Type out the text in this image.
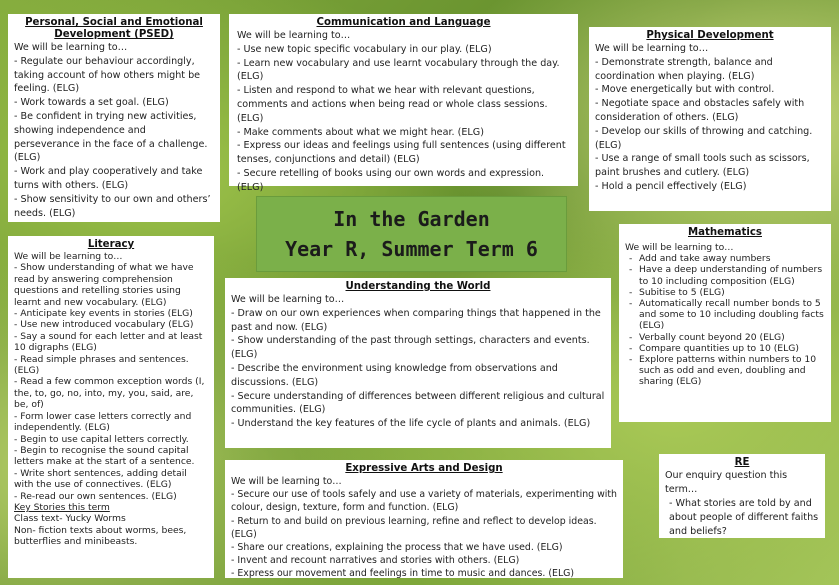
Personal, Social and Emotional Development (PSED)

We will be learning to…

- Regulate our behaviour accordingly, taking account of how others might be feeling. (ELG)
- Work towards a set goal. (ELG)
- Be confident in trying new activities, showing independence and perseverance in the face of a challenge. (ELG)
- Work and play cooperatively and take turns with others. (ELG)
- Show sensitivity to our own and others’ needs. (ELG)
Communication and Language

We will be learning to…

- Use new topic specific vocabulary in our play. (ELG)
- Learn new vocabulary and use learnt vocabulary through the day. (ELG)
- Listen and respond to what we hear with relevant questions, comments and actions when being read or whole class sessions. (ELG)
- Make comments about what we might hear. (ELG)
- Express our ideas and feelings using full sentences (using different tenses, conjunctions and detail) (ELG)
- Secure retelling of books using our own words and expression. (ELG)
Physical Development

We will be learning to…

- Demonstrate strength, balance and coordination when playing. (ELG)
- Move energetically but with control.
- Negotiate space and obstacles safely with consideration of others. (ELG)
- Develop our skills of throwing and catching. (ELG)
- Use a range of small tools such as scissors, paint brushes and cutlery. (ELG)
- Hold a pencil effectively (ELG)
In the Garden
Year R, Summer Term 6
Literacy

We will be learning to…

- Show understanding of what we have read by answering comprehension questions and retelling stories using learnt and new vocabulary. (ELG)
- Anticipate key events in stories (ELG)
- Use new introduced vocabulary (ELG)
- Say a sound for each letter and at least 10 digraphs (ELG)
- Read simple phrases and sentences. (ELG)
- Read a few common exception words (I, the, to, go, no, into, my, you, said, are, be, of)
- Form lower case letters correctly and independently. (ELG)
- Begin to use capital letters correctly.
- Begin to recognise the sound capital letters make at the start of a sentence.
- Write short sentences, adding detail with the use of connectives. (ELG)
- Re-read our own sentences. (ELG)

Key Stories this term

Class text- Yucky Worms

Non- fiction texts about worms, bees, butterflies and minibeasts.

Understanding the World

We will be learning to…

- Draw on our own experiences when comparing things that happened in the past and now. (ELG)
- Show understanding of the past through settings, characters and events. (ELG)
- Describe the environment using knowledge from observations and discussions. (ELG)
- Secure understanding of differences between different religious and cultural communities. (ELG)
- Understand the key features of the life cycle of plants and animals. (ELG)
Mathematics

We will be learning to…

- Add and take away numbers
- Have a deep understanding of numbers to 10 including composition (ELG)
- Subitise to 5 (ELG)
- Automatically recall number bonds to 5 and some to 10 including doubling facts (ELG)
- Verbally count beyond 20 (ELG)
- Compare quantities up to 10 (ELG)
- Explore patterns within numbers to 10 such as odd and even, doubling and sharing (ELG)
Expressive Arts and Design

We will be learning to…

- Secure our use of tools safely and use a variety of materials, experimenting with colour, design, texture, form and function. (ELG)
- Return to and build on previous learning, refine and reflect to develop ideas. (ELG)
- Share our creations, explaining the process that we have used. (ELG)
- Invent and recount narratives and stories with others. (ELG)
- Express our movement and feelings in time to music and dances. (ELG)
RE

Our enquiry question this term…

- What stories are told by and about people of different faiths and beliefs?
